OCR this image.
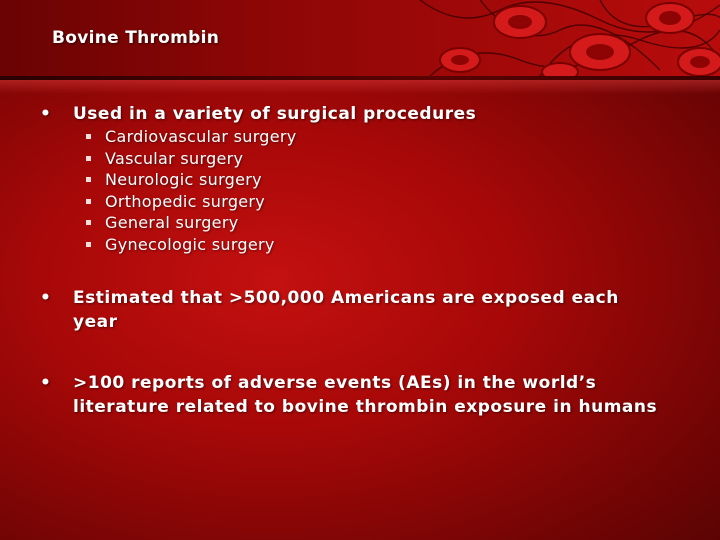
Bovine Thrombin
• Used in a variety of surgical procedures
Cardiovascular surgery
Vascular surgery
Neurologic surgery
Orthopedic surgery
General surgery
Gynecologic surgery
• Estimated that >500,000 Americans are exposed each year
• >100 reports of adverse events (AEs) in the world’s literature related to bovine thrombin exposure in humans
